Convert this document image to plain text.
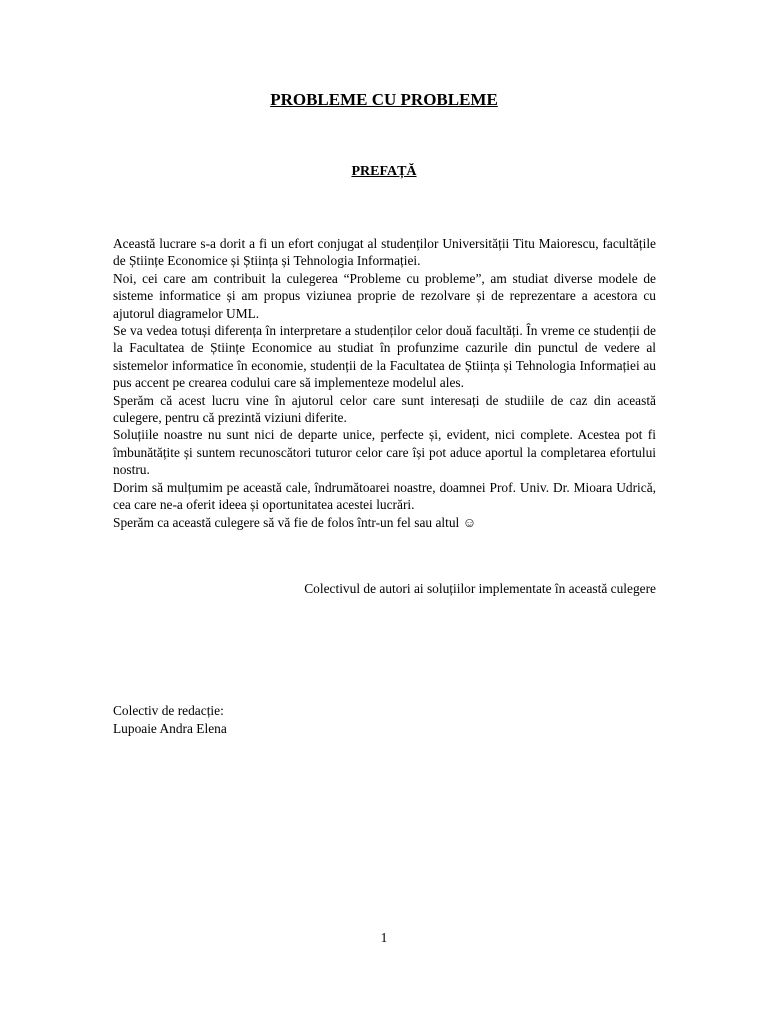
PROBLEME CU PROBLEME
PREFAȚĂ

Această lucrare s-a dorit a fi un efort conjugat al studenților Universității Titu Maiorescu, facultățile de Științe Economice și Știința și Tehnologia Informației.

Noi, cei care am contribuit la culegerea “Probleme cu probleme”, am studiat diverse modele de sisteme informatice și am propus viziunea proprie de rezolvare și de reprezentare a acestora cu ajutorul diagramelor UML.

Se va vedea totuși diferența în interpretare a studenților celor două facultăți. În vreme ce studenții de la Facultatea de Științe Economice au studiat în profunzime cazurile din punctul de vedere al sistemelor informatice în economie, studenții de la Facultatea de Știința și Tehnologia Informației au pus accent pe crearea codului care să implementeze modelul ales.

Sperăm că acest lucru vine în ajutorul celor care sunt interesați de studiile de caz din această culegere, pentru că prezintă viziuni diferite.

Soluțiile noastre nu sunt nici de departe unice, perfecte și, evident, nici complete. Acestea pot fi îmbunătățite și suntem recunoscători tuturor celor care își pot aduce aportul la completarea efortului nostru.

Dorim să mulțumim pe această cale, îndrumătoarei noastre, doamnei Prof. Univ. Dr. Mioara Udrică, cea care ne-a oferit ideea și oportunitatea acestei lucrări.

Sperăm ca această culegere să vă fie de folos într-un fel sau altul ☺

Colectivul de autori ai soluțiilor implementate în această culegere

Colectiv de redacție:
Lupoaie Andra Elena
1
